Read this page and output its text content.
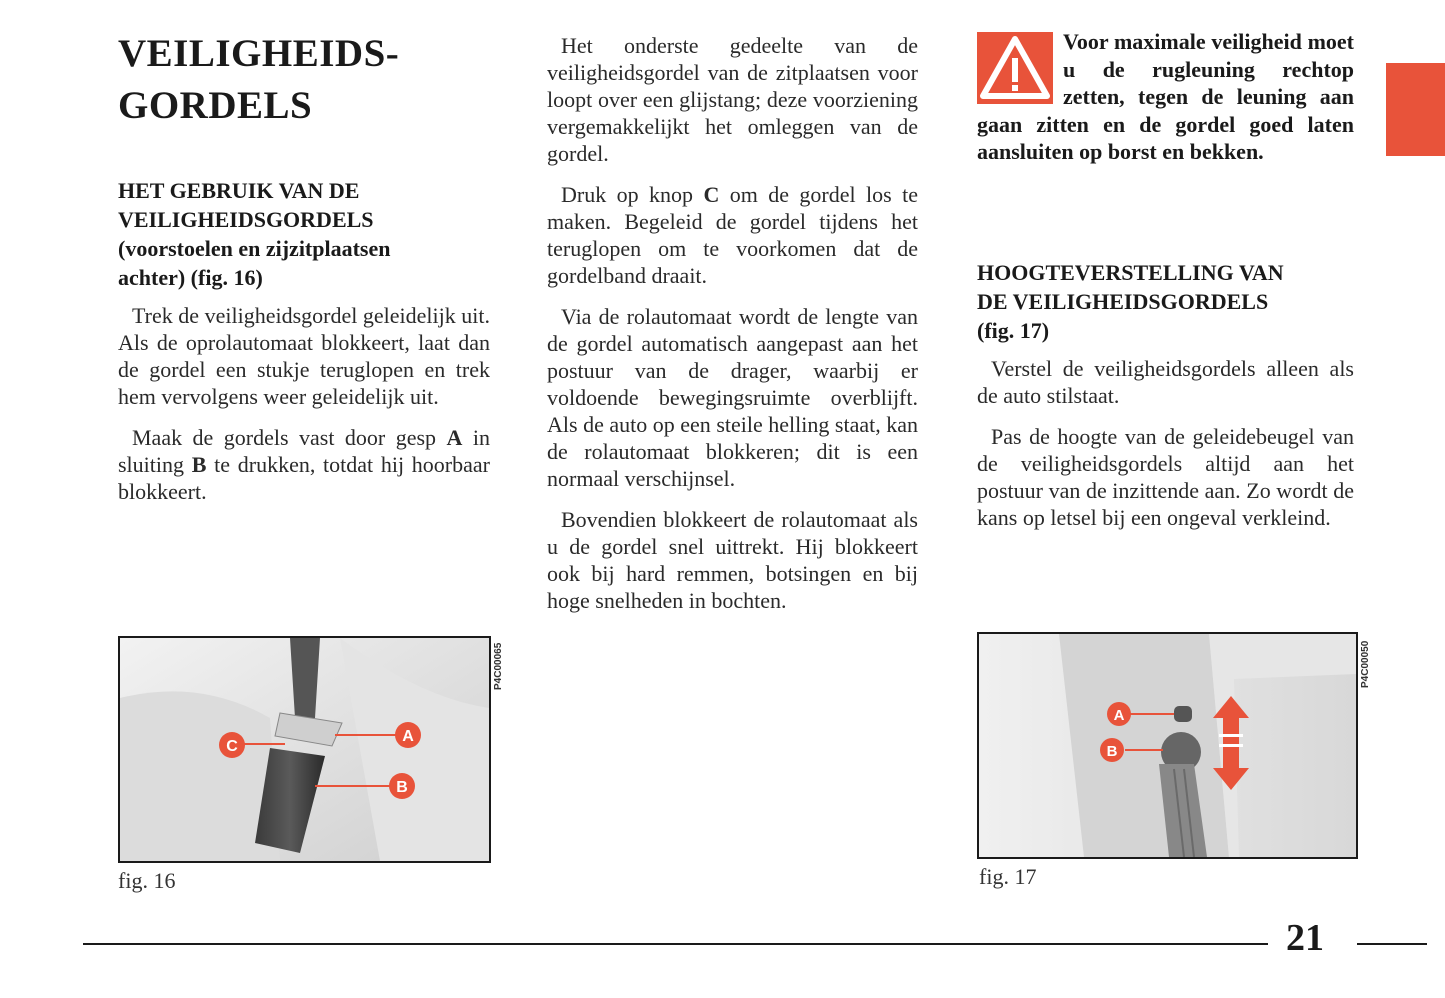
VEILIGHEIDS-
GORDELS
HET GEBRUIK VAN DE
VEILIGHEIDSGORDELS
(voorstoelen en zijzitplaatsen
achter) (fig. 16)

Trek de veiligheidsgordel geleidelijk uit. Als de oprolautomaat blokkeert, laat dan de gordel een stukje teruglopen en trek hem vervolgens weer geleidelijk uit.

Maak de gordels vast door gesp A in sluiting B te drukken, totdat hij hoorbaar blokkeert.

C
A
B
P4C00065
fig. 16

Het onderste gedeelte van de veiligheidsgordel van de zitplaatsen voor loopt over een glijstang; deze voorziening vergemakkelijkt het omleggen van de gordel.

Druk op knop C om de gordel los te maken. Begeleid de gordel tijdens het teruglopen om te voorkomen dat de gordelband draait.

Via de rolautomaat wordt de lengte van de gordel automatisch aangepast aan het postuur van de drager, waarbij er voldoende bewegingsruimte overblijft. Als de auto op een steile helling staat, kan de rolautomaat blokkeren; dit is een normaal verschijnsel.

Bovendien blokkeert de rolautomaat als u de gordel snel uittrekt. Hij blokkeert ook bij hard remmen, botsingen en bij hoge snelheden in bochten.

Voor maximale veiligheid moet u de rugleuning rechtop zetten, tegen de leuning aan gaan zitten en de gordel goed laten aansluiten op borst en bekken.

HOOGTEVERSTELLING VAN
DE VEILIGHEIDSGORDELS
(fig. 17)

Verstel de veiligheidsgordels alleen als de auto stilstaat.

Pas de hoogte van de geleidebeugel van de veiligheidsgordels altijd aan het postuur van de inzittende aan. Zo wordt de kans op letsel bij een ongeval verkleind.

A
B
P4C00050
fig. 17
21
